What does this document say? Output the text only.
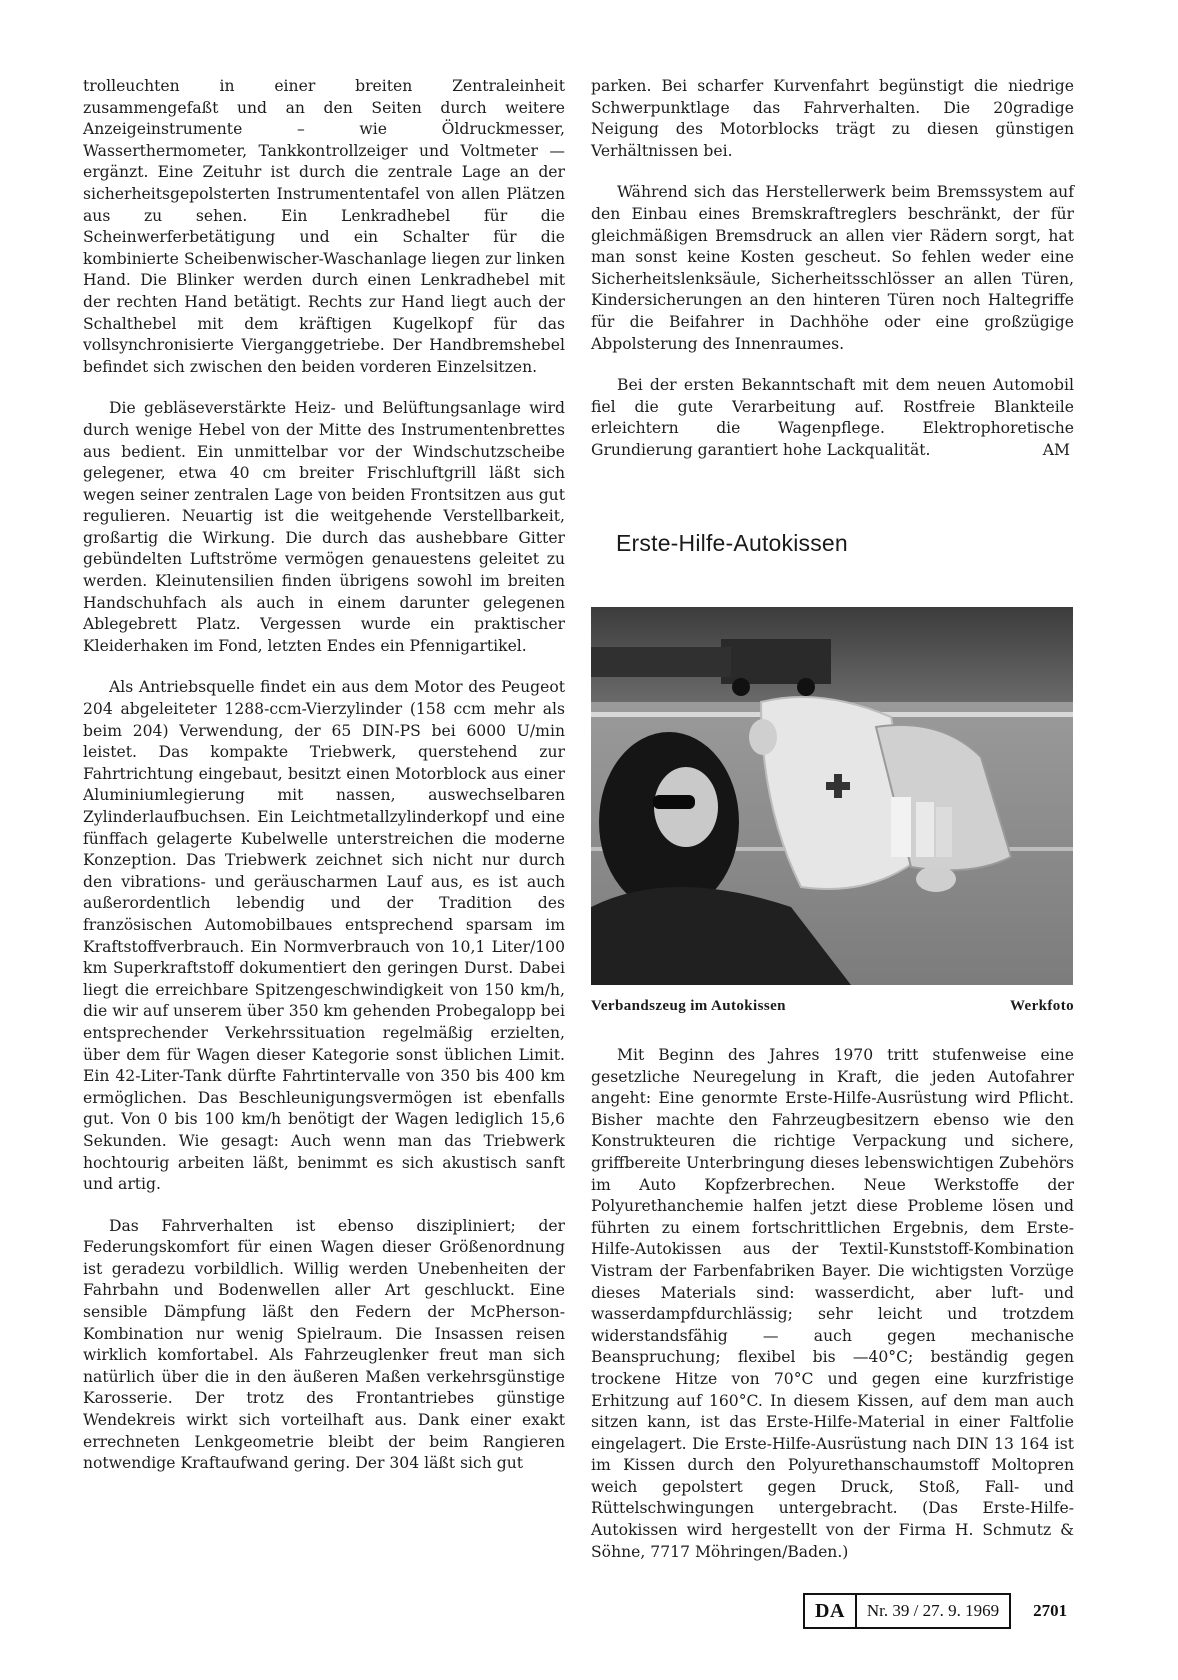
trolleuchten in einer breiten Zentraleinheit zusammengefaßt und an den Seiten durch weitere Anzeigeinstrumente – wie Öldruckmesser, Wasserthermometer, Tankkontrollzeiger und Voltmeter — ergänzt. Eine Zeituhr ist durch die zentrale Lage an der sicherheitsgepolsterten Instrumententafel von allen Plätzen aus zu sehen. Ein Lenkradhebel für die Scheinwerferbetätigung und ein Schalter für die kombinierte Scheibenwischer-Waschanlage liegen zur linken Hand. Die Blinker werden durch einen Lenkradhebel mit der rechten Hand betätigt. Rechts zur Hand liegt auch der Schalthebel mit dem kräftigen Kugelkopf für das vollsynchronisierte Vierganggetriebe. Der Handbremshebel befindet sich zwischen den beiden vorderen Einzelsitzen.

Die gebläseverstärkte Heiz- und Belüftungsanlage wird durch wenige Hebel von der Mitte des Instrumentenbrettes aus bedient. Ein unmittelbar vor der Windschutzscheibe gelegener, etwa 40 cm breiter Frischluftgrill läßt sich wegen seiner zentralen Lage von beiden Frontsitzen aus gut regulieren. Neuartig ist die weitgehende Verstellbarkeit, großartig die Wirkung. Die durch das aushebbare Gitter gebündelten Luftströme vermögen genauestens geleitet zu werden. Kleinutensilien finden übrigens sowohl im breiten Handschuhfach als auch in einem darunter gelegenen Ablegebrett Platz. Vergessen wurde ein praktischer Kleiderhaken im Fond, letzten Endes ein Pfennigartikel.

Als Antriebsquelle findet ein aus dem Motor des Peugeot 204 abgeleiteter 1288-ccm-Vierzylinder (158 ccm mehr als beim 204) Verwendung, der 65 DIN-PS bei 6000 U/min leistet. Das kompakte Triebwerk, querstehend zur Fahrtrichtung eingebaut, besitzt einen Motorblock aus einer Aluminiumlegierung mit nassen, auswechselbaren Zylinderlaufbuchsen. Ein Leichtmetallzylinderkopf und eine fünffach gelagerte Kubelwelle unterstreichen die moderne Konzeption. Das Triebwerk zeichnet sich nicht nur durch den vibrations- und geräuscharmen Lauf aus, es ist auch außerordentlich lebendig und der Tradition des französischen Automobilbaues entsprechend sparsam im Kraftstoffverbrauch. Ein Normverbrauch von 10,1 Liter/100 km Superkraftstoff dokumentiert den geringen Durst. Dabei liegt die erreichbare Spitzengeschwindigkeit von 150 km/h, die wir auf unserem über 350 km gehenden Probegalopp bei entsprechender Verkehrssituation regelmäßig erzielten, über dem für Wagen dieser Kategorie sonst üblichen Limit. Ein 42-Liter-Tank dürfte Fahrtintervalle von 350 bis 400 km ermöglichen. Das Beschleunigungsvermögen ist ebenfalls gut. Von 0 bis 100 km/h benötigt der Wagen lediglich 15,6 Sekunden. Wie gesagt: Auch wenn man das Triebwerk hochtourig arbeiten läßt, benimmt es sich akustisch sanft und artig.

Das Fahrverhalten ist ebenso diszipliniert; der Federungskomfort für einen Wagen dieser Größenordnung ist geradezu vorbildlich. Willig werden Unebenheiten der Fahrbahn und Bodenwellen aller Art geschluckt. Eine sensible Dämpfung läßt den Federn der McPherson-Kombination nur wenig Spielraum. Die Insassen reisen wirklich komfortabel. Als Fahrzeuglenker freut man sich natürlich über die in den äußeren Maßen verkehrsgünstige Karosserie. Der trotz des Frontantriebes günstige Wendekreis wirkt sich vorteilhaft aus. Dank einer exakt errechneten Lenkgeometrie bleibt der beim Rangieren notwendige Kraftaufwand gering. Der 304 läßt sich gut

parken. Bei scharfer Kurvenfahrt begünstigt die niedrige Schwerpunktlage das Fahrverhalten. Die 20gradige Neigung des Motorblocks trägt zu diesen günstigen Verhältnissen bei.

Während sich das Herstellerwerk beim Bremssystem auf den Einbau eines Bremskraftreglers beschränkt, der für gleichmäßigen Bremsdruck an allen vier Rädern sorgt, hat man sonst keine Kosten gescheut. So fehlen weder eine Sicherheitslenksäule, Sicherheitsschlösser an allen Türen, Kindersicherungen an den hinteren Türen noch Haltegriffe für die Beifahrer in Dachhöhe oder eine großzügige Abpolsterung des Innenraumes.

Bei der ersten Bekanntschaft mit dem neuen Automobil fiel die gute Verarbeitung auf. Rostfreie Blankteile erleichtern die Wagenpflege. Elektrophoretische Grundierung garantiert hohe Lackqualität.	AM

Erste-Hilfe-Autokissen
Verbandszeug im Autokissen	Werkfoto

Mit Beginn des Jahres 1970 tritt stufenweise eine gesetzliche Neuregelung in Kraft, die jeden Autofahrer angeht: Eine genormte Erste-Hilfe-Ausrüstung wird Pflicht. Bisher machte den Fahrzeugbesitzern ebenso wie den Konstrukteuren die richtige Verpackung und sichere, griffbereite Unterbringung dieses lebenswichtigen Zubehörs im Auto Kopfzerbrechen. Neue Werkstoffe der Polyurethanchemie halfen jetzt diese Probleme lösen und führten zu einem fortschrittlichen Ergebnis, dem Erste-Hilfe-Autokissen aus der Textil-Kunststoff-Kombination Vistram der Farbenfabriken Bayer. Die wichtigsten Vorzüge dieses Materials sind: wasserdicht, aber luft- und wasserdampfdurchlässig; sehr leicht und trotzdem widerstandsfähig — auch gegen mechanische Beanspruchung; flexibel bis —40°C; beständig gegen trockene Hitze von 70°C und gegen eine kurzfristige Erhitzung auf 160°C. In diesem Kissen, auf dem man auch sitzen kann, ist das Erste-Hilfe-Material in einer Faltfolie eingelagert. Die Erste-Hilfe-Ausrüstung nach DIN 13 164 ist im Kissen durch den Polyurethanschaumstoff Moltopren weich gepolstert gegen Druck, Stoß, Fall- und Rüttelschwingungen untergebracht. (Das Erste-Hilfe-Autokissen wird hergestellt von der Firma H. Schmutz & Söhne, 7717 Möhringen/Baden.)

DA	Nr. 39 / 27. 9. 1969	2701
